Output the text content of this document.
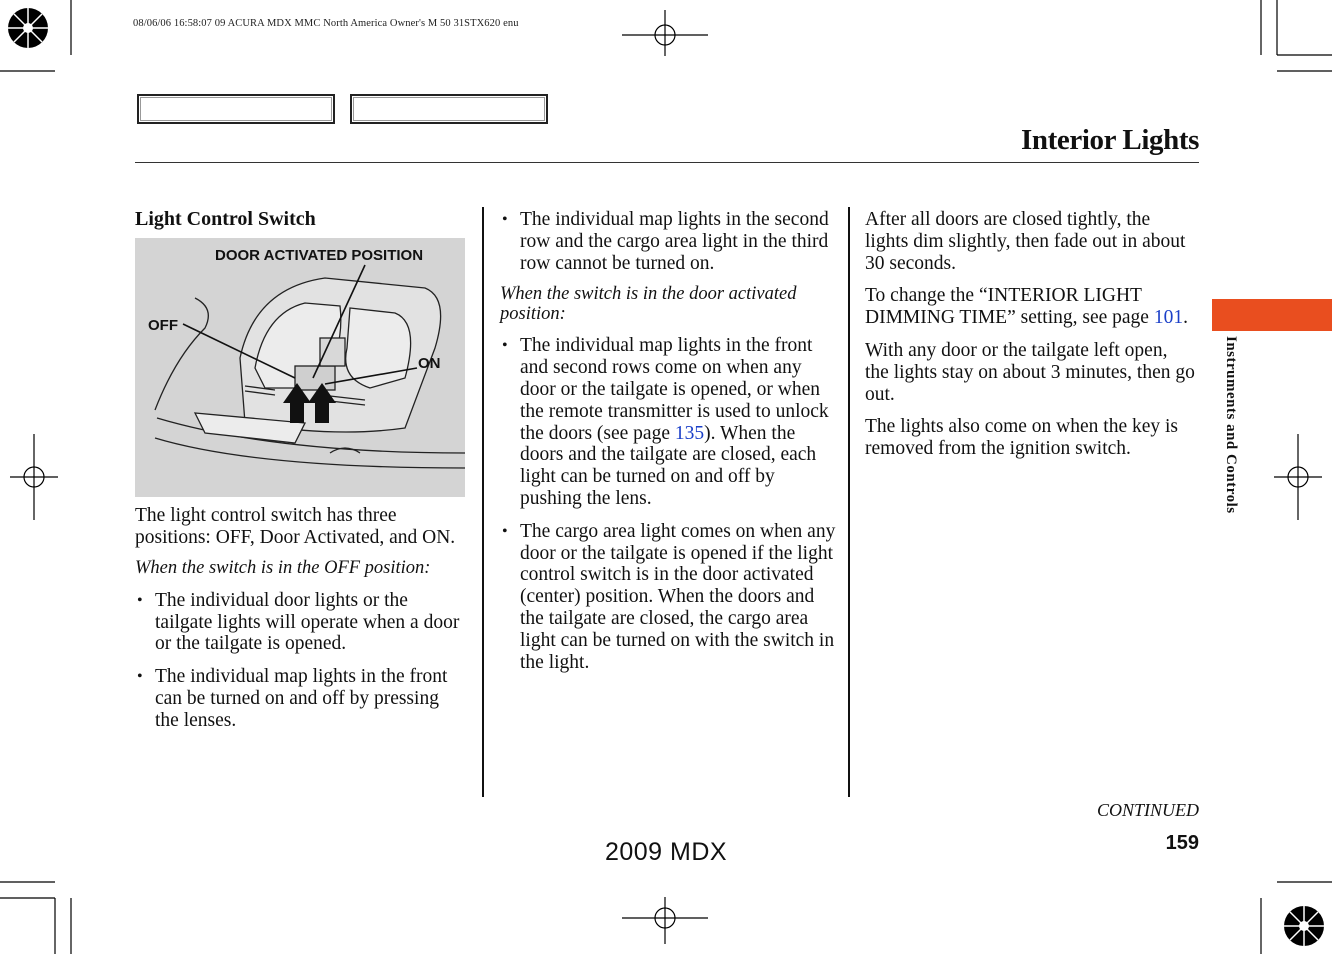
08/06/06 16:58:07 09 ACURA MDX MMC North America Owner's M 50 31STX620 enu
Interior Lights
Light Control Switch
DOOR ACTIVATED POSITION
OFF
ON

The light control switch has three positions: OFF, Door Activated, and ON.

When the switch is in the OFF position:

• The individual door lights or the tailgate lights will operate when a door or the tailgate is opened.
• The individual map lights in the front can be turned on and off by pressing the lenses.
• The individual map lights in the second row and the cargo area light in the third row cannot be turned on.

When the switch is in the door activated position:

• The individual map lights in the front and second rows come on when any door or the tailgate is opened, or when the remote transmitter is used to unlock the doors (see page 135). When the doors and the tailgate are closed, each light can be turned on and off by pushing the lens.
• The cargo area light comes on when any door or the tailgate is opened if the light control switch is in the door activated (center) position. When the doors and the tailgate are closed, the cargo area light can be turned on with the switch in the light.

After all doors are closed tightly, the lights dim slightly, then fade out in about 30 seconds.

To change the “INTERIOR LIGHT DIMMING TIME” setting, see page 101.

With any door or the tailgate left open, the lights stay on about 3 minutes, then go out.

The lights also come on when the key is removed from the ignition switch.	Instruments and Controls
CONTINUED
159
2009 MDX
